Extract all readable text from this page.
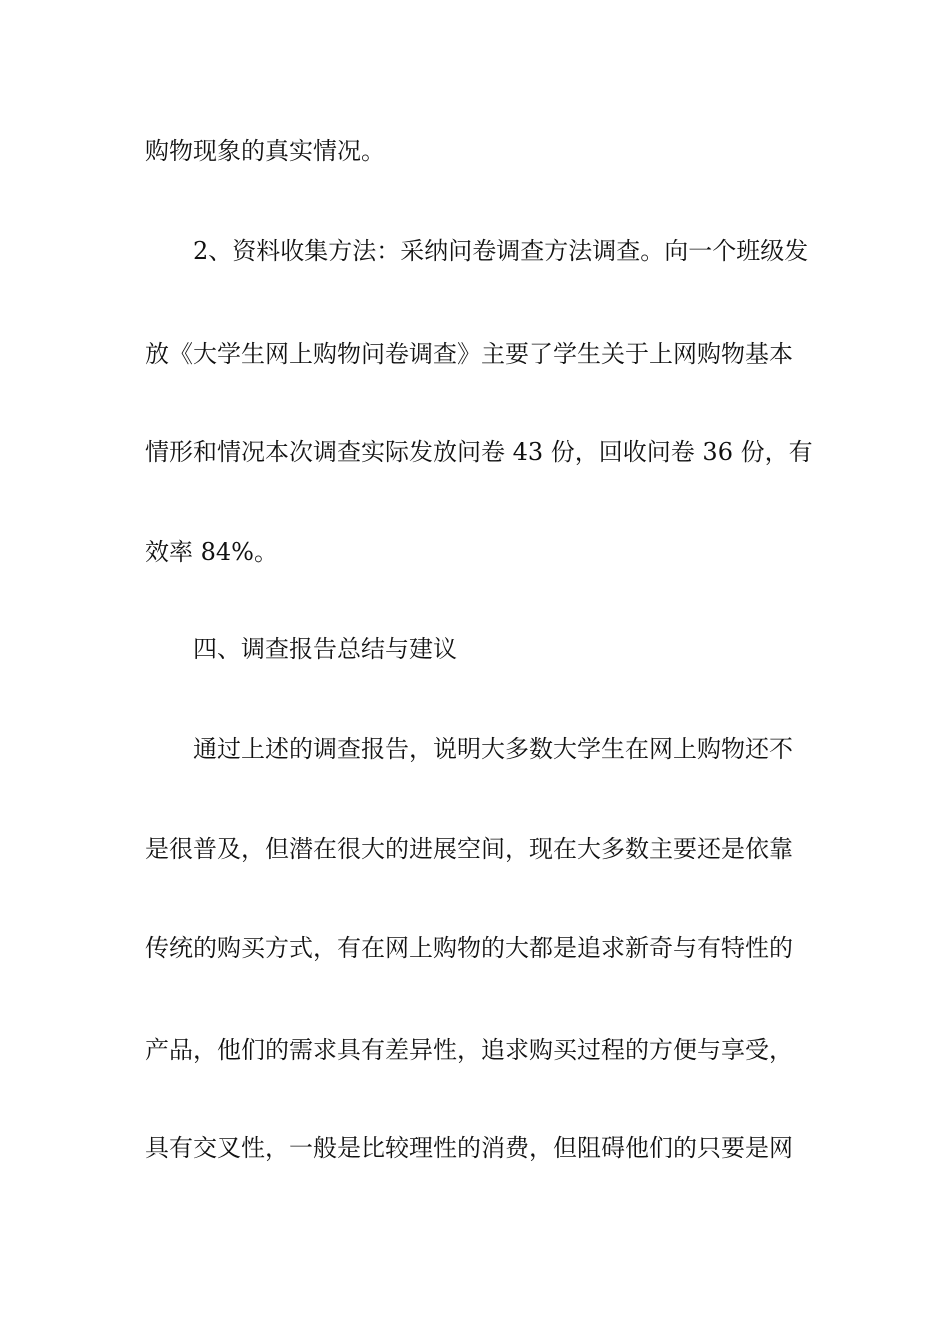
购物现象的真实情况。
2、资料收集方法：采纳问卷调查方法调查。向一个班级发
放《大学生网上购物问卷调查》主要了学生关于上网购物基本
情形和情况本次调查实际发放问卷 43 份，回收问卷 36 份，有
效率 84%。
四、调查报告总结与建议
通过上述的调查报告，说明大多数大学生在网上购物还不
是很普及，但潜在很大的进展空间，现在大多数主要还是依靠
传统的购买方式，有在网上购物的大都是追求新奇与有特性的
产品，他们的需求具有差异性，追求购买过程的方便与享受，
具有交叉性，一般是比较理性的消费，但阻碍他们的只要是网
